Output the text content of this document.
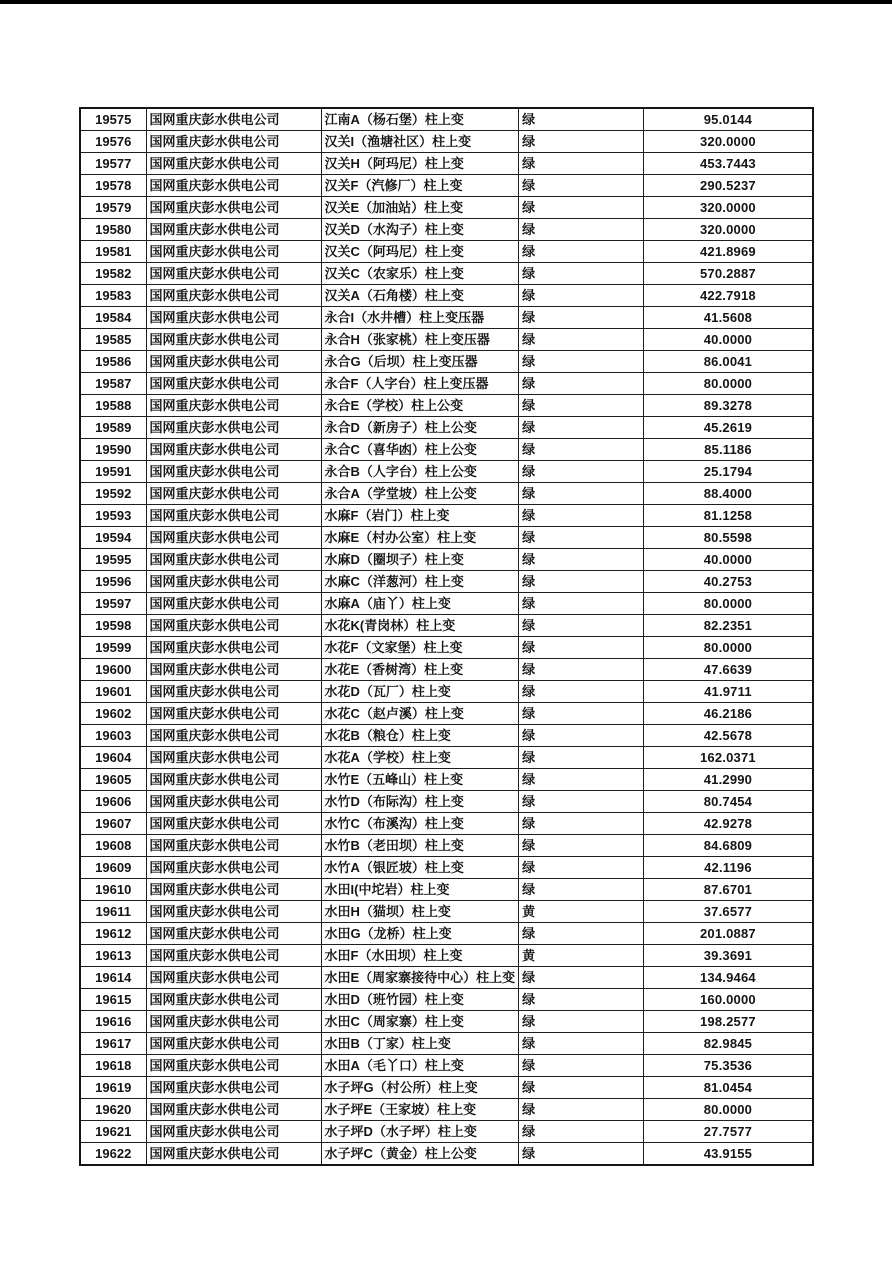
19575	国网重庆彭水供电公司	江南A（杨石堡）柱上变	绿	95.0144
19576	国网重庆彭水供电公司	汉关I（渔塘社区）柱上变	绿	320.0000
19577	国网重庆彭水供电公司	汉关H（阿玛尼）柱上变	绿	453.7443
19578	国网重庆彭水供电公司	汉关F（汽修厂）柱上变	绿	290.5237
19579	国网重庆彭水供电公司	汉关E（加油站）柱上变	绿	320.0000
19580	国网重庆彭水供电公司	汉关D（水沟子）柱上变	绿	320.0000
19581	国网重庆彭水供电公司	汉关C（阿玛尼）柱上变	绿	421.8969
19582	国网重庆彭水供电公司	汉关C（农家乐）柱上变	绿	570.2887
19583	国网重庆彭水供电公司	汉关A（石角楼）柱上变	绿	422.7918
19584	国网重庆彭水供电公司	永合I（水井槽）柱上变压器	绿	41.5608
19585	国网重庆彭水供电公司	永合H（张家桃）柱上变压器	绿	40.0000
19586	国网重庆彭水供电公司	永合G（后坝）柱上变压器	绿	86.0041
19587	国网重庆彭水供电公司	永合F（人字台）柱上变压器	绿	80.0000
19588	国网重庆彭水供电公司	永合E（学校）柱上公变	绿	89.3278
19589	国网重庆彭水供电公司	永合D（新房子）柱上公变	绿	45.2619
19590	国网重庆彭水供电公司	永合C（喜华凼）柱上公变	绿	85.1186
19591	国网重庆彭水供电公司	永合B（人字台）柱上公变	绿	25.1794
19592	国网重庆彭水供电公司	永合A（学堂坡）柱上公变	绿	88.4000
19593	国网重庆彭水供电公司	水麻F（岩门）柱上变	绿	81.1258
19594	国网重庆彭水供电公司	水麻E（村办公室）柱上变	绿	80.5598
19595	国网重庆彭水供电公司	水麻D（圈坝子）柱上变	绿	40.0000
19596	国网重庆彭水供电公司	水麻C（洋葱河）柱上变	绿	40.2753
19597	国网重庆彭水供电公司	水麻A（庙丫）柱上变	绿	80.0000
19598	国网重庆彭水供电公司	水花K(青岗林）柱上变	绿	82.2351
19599	国网重庆彭水供电公司	水花F（文家堡）柱上变	绿	80.0000
19600	国网重庆彭水供电公司	水花E（香树湾）柱上变	绿	47.6639
19601	国网重庆彭水供电公司	水花D（瓦厂）柱上变	绿	41.9711
19602	国网重庆彭水供电公司	水花C（赵卢溪）柱上变	绿	46.2186
19603	国网重庆彭水供电公司	水花B（粮仓）柱上变	绿	42.5678
19604	国网重庆彭水供电公司	水花A（学校）柱上变	绿	162.0371
19605	国网重庆彭水供电公司	水竹E（五峰山）柱上变	绿	41.2990
19606	国网重庆彭水供电公司	水竹D（布际沟）柱上变	绿	80.7454
19607	国网重庆彭水供电公司	水竹C（布溪沟）柱上变	绿	42.9278
19608	国网重庆彭水供电公司	水竹B（老田坝）柱上变	绿	84.6809
19609	国网重庆彭水供电公司	水竹A（银匠坡）柱上变	绿	42.1196
19610	国网重庆彭水供电公司	水田I(中坨岩）柱上变	绿	87.6701
19611	国网重庆彭水供电公司	水田H（猫坝）柱上变	黄	37.6577
19612	国网重庆彭水供电公司	水田G（龙桥）柱上变	绿	201.0887
19613	国网重庆彭水供电公司	水田F（水田坝）柱上变	黄	39.3691
19614	国网重庆彭水供电公司	水田E（周家寨接待中心）柱上变	绿	134.9464
19615	国网重庆彭水供电公司	水田D（班竹园）柱上变	绿	160.0000
19616	国网重庆彭水供电公司	水田C（周家寨）柱上变	绿	198.2577
19617	国网重庆彭水供电公司	水田B（丁家）柱上变	绿	82.9845
19618	国网重庆彭水供电公司	水田A（毛丫口）柱上变	绿	75.3536
19619	国网重庆彭水供电公司	水子坪G（村公所）柱上变	绿	81.0454
19620	国网重庆彭水供电公司	水子坪E（王家坡）柱上变	绿	80.0000
19621	国网重庆彭水供电公司	水子坪D（水子坪）柱上变	绿	27.7577
19622	国网重庆彭水供电公司	水子坪C（黄金）柱上公变	绿	43.9155
